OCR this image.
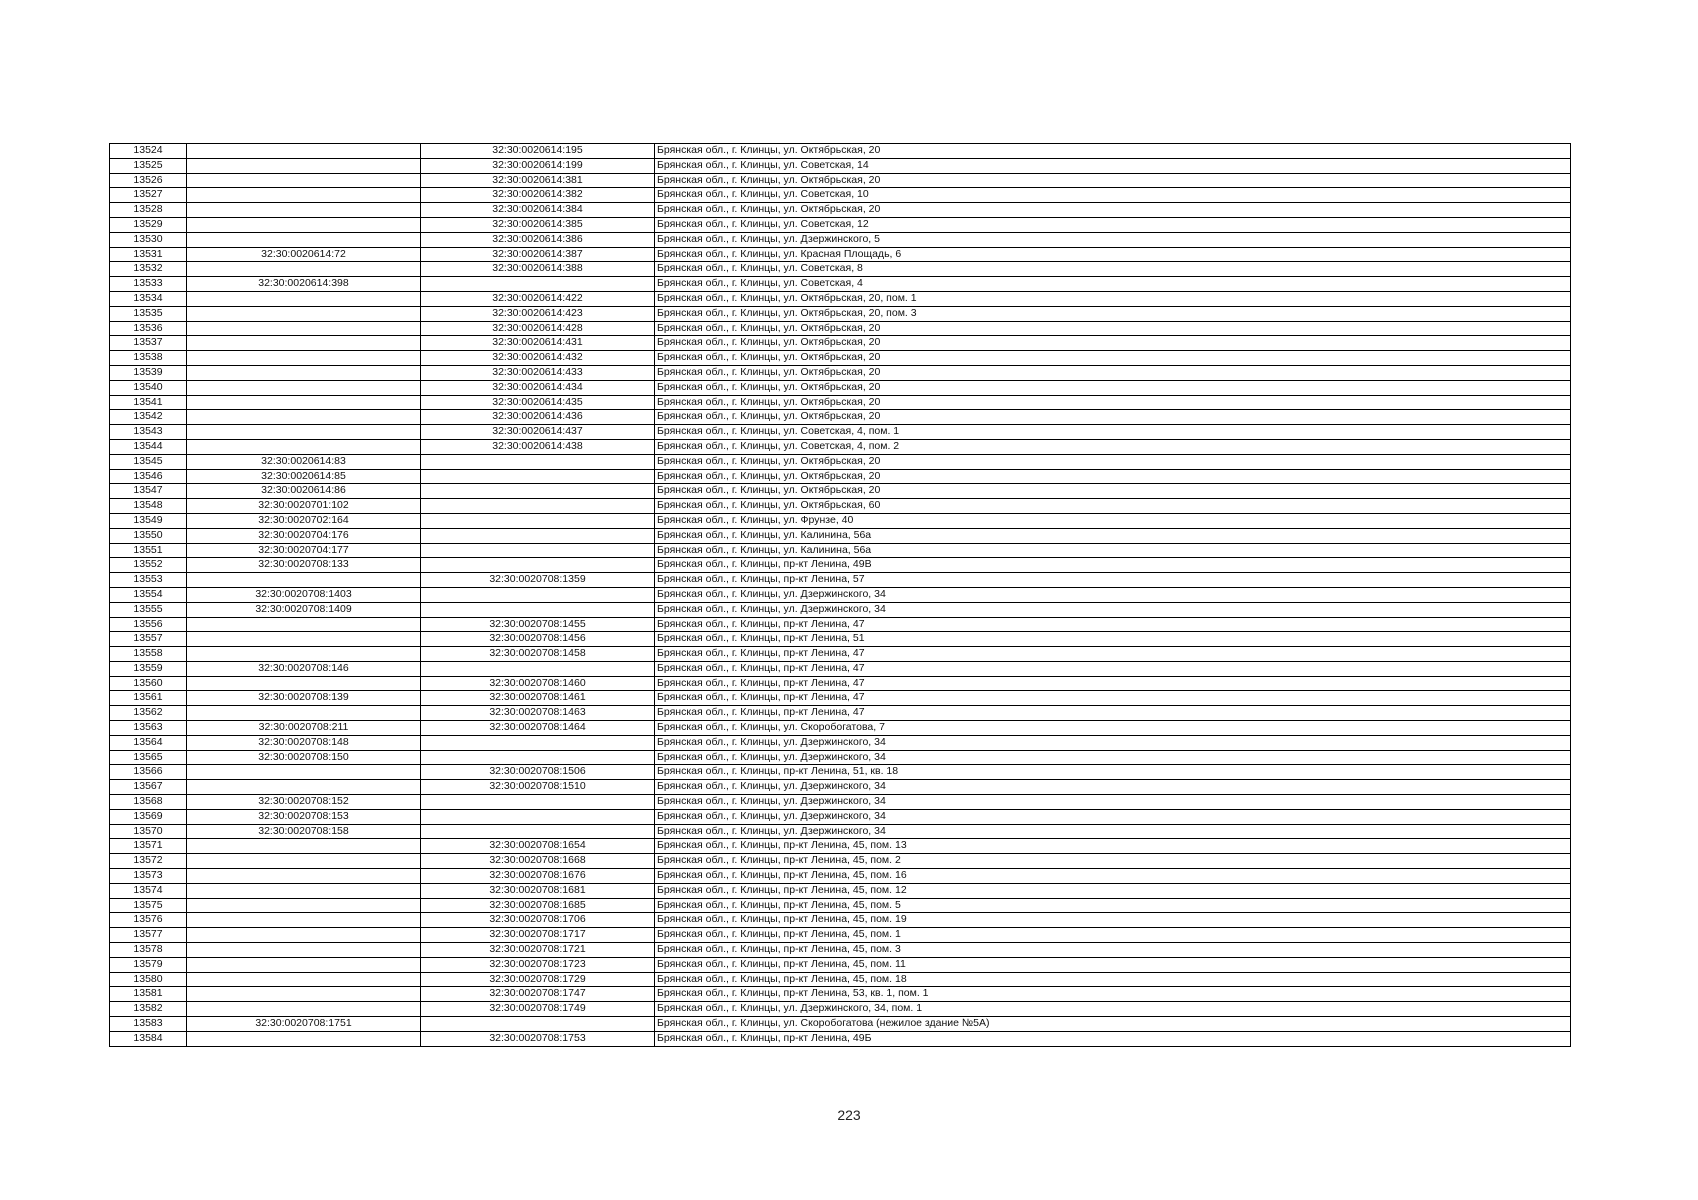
13524		32:30:0020614:195	Брянская обл., г. Клинцы, ул. Октябрьская, 20
13525		32:30:0020614:199	Брянская обл., г. Клинцы, ул. Советская, 14
13526		32:30:0020614:381	Брянская обл., г. Клинцы, ул. Октябрьская, 20
13527		32:30:0020614:382	Брянская обл., г. Клинцы, ул. Советская, 10
13528		32:30:0020614:384	Брянская обл., г. Клинцы, ул. Октябрьская, 20
13529		32:30:0020614:385	Брянская обл., г. Клинцы, ул. Советская, 12
13530		32:30:0020614:386	Брянская обл., г. Клинцы, ул. Дзержинского, 5
13531	32:30:0020614:72	32:30:0020614:387	Брянская обл., г. Клинцы, ул. Красная Площадь, 6
13532		32:30:0020614:388	Брянская обл., г. Клинцы, ул. Советская, 8
13533	32:30:0020614:398		Брянская обл., г. Клинцы, ул. Советская, 4
13534		32:30:0020614:422	Брянская обл., г. Клинцы, ул. Октябрьская, 20, пом. 1
13535		32:30:0020614:423	Брянская обл., г. Клинцы, ул. Октябрьская, 20, пом. 3
13536		32:30:0020614:428	Брянская обл., г. Клинцы, ул. Октябрьская, 20
13537		32:30:0020614:431	Брянская обл., г. Клинцы, ул. Октябрьская, 20
13538		32:30:0020614:432	Брянская обл., г. Клинцы, ул. Октябрьская, 20
13539		32:30:0020614:433	Брянская обл., г. Клинцы, ул. Октябрьская, 20
13540		32:30:0020614:434	Брянская обл., г. Клинцы, ул. Октябрьская, 20
13541		32:30:0020614:435	Брянская обл., г. Клинцы, ул. Октябрьская, 20
13542		32:30:0020614:436	Брянская обл., г. Клинцы, ул. Октябрьская, 20
13543		32:30:0020614:437	Брянская обл., г. Клинцы, ул. Советская, 4, пом. 1
13544		32:30:0020614:438	Брянская обл., г. Клинцы, ул. Советская, 4, пом. 2
13545	32:30:0020614:83		Брянская обл., г. Клинцы, ул. Октябрьская, 20
13546	32:30:0020614:85		Брянская обл., г. Клинцы, ул. Октябрьская, 20
13547	32:30:0020614:86		Брянская обл., г. Клинцы, ул. Октябрьская, 20
13548	32:30:0020701:102		Брянская обл., г. Клинцы, ул. Октябрьская, 60
13549	32:30:0020702:164		Брянская обл., г. Клинцы, ул. Фрунзе, 40
13550	32:30:0020704:176		Брянская обл., г. Клинцы, ул. Калинина, 56а
13551	32:30:0020704:177		Брянская обл., г. Клинцы, ул. Калинина, 56а
13552	32:30:0020708:133		Брянская обл., г. Клинцы, пр-кт Ленина, 49В
13553		32:30:0020708:1359	Брянская обл., г. Клинцы, пр-кт Ленина, 57
13554	32:30:0020708:1403		Брянская обл., г. Клинцы, ул. Дзержинского, 34
13555	32:30:0020708:1409		Брянская обл., г. Клинцы, ул. Дзержинского, 34
13556		32:30:0020708:1455	Брянская обл., г. Клинцы, пр-кт Ленина, 47
13557		32:30:0020708:1456	Брянская обл., г. Клинцы, пр-кт Ленина, 51
13558		32:30:0020708:1458	Брянская обл., г. Клинцы, пр-кт Ленина, 47
13559	32:30:0020708:146		Брянская обл., г. Клинцы, пр-кт Ленина, 47
13560		32:30:0020708:1460	Брянская обл., г. Клинцы, пр-кт Ленина, 47
13561	32:30:0020708:139	32:30:0020708:1461	Брянская обл., г. Клинцы, пр-кт Ленина, 47
13562		32:30:0020708:1463	Брянская обл., г. Клинцы, пр-кт Ленина, 47
13563	32:30:0020708:211	32:30:0020708:1464	Брянская обл., г. Клинцы, ул. Скоробогатова, 7
13564	32:30:0020708:148		Брянская обл., г. Клинцы, ул. Дзержинского, 34
13565	32:30:0020708:150		Брянская обл., г. Клинцы, ул. Дзержинского, 34
13566		32:30:0020708:1506	Брянская обл., г. Клинцы, пр-кт Ленина, 51, кв. 18
13567		32:30:0020708:1510	Брянская обл., г. Клинцы, ул. Дзержинского, 34
13568	32:30:0020708:152		Брянская обл., г. Клинцы, ул. Дзержинского, 34
13569	32:30:0020708:153		Брянская обл., г. Клинцы, ул. Дзержинского, 34
13570	32:30:0020708:158		Брянская обл., г. Клинцы, ул. Дзержинского, 34
13571		32:30:0020708:1654	Брянская обл., г. Клинцы, пр-кт Ленина, 45, пом. 13
13572		32:30:0020708:1668	Брянская обл., г. Клинцы, пр-кт Ленина, 45, пом. 2
13573		32:30:0020708:1676	Брянская обл., г. Клинцы, пр-кт Ленина, 45, пом. 16
13574		32:30:0020708:1681	Брянская обл., г. Клинцы, пр-кт Ленина, 45, пом. 12
13575		32:30:0020708:1685	Брянская обл., г. Клинцы, пр-кт Ленина, 45, пом. 5
13576		32:30:0020708:1706	Брянская обл., г. Клинцы, пр-кт Ленина, 45, пом. 19
13577		32:30:0020708:1717	Брянская обл., г. Клинцы, пр-кт Ленина, 45, пом. 1
13578		32:30:0020708:1721	Брянская обл., г. Клинцы, пр-кт Ленина, 45, пом. 3
13579		32:30:0020708:1723	Брянская обл., г. Клинцы, пр-кт Ленина, 45, пом. 11
13580		32:30:0020708:1729	Брянская обл., г. Клинцы, пр-кт Ленина, 45, пом. 18
13581		32:30:0020708:1747	Брянская обл., г. Клинцы, пр-кт Ленина, 53, кв. 1, пом. 1
13582		32:30:0020708:1749	Брянская обл., г. Клинцы, ул. Дзержинского, 34, пом. 1
13583	32:30:0020708:1751		Брянская обл., г. Клинцы, ул. Скоробогатова (нежилое здание №5А)
13584		32:30:0020708:1753	Брянская обл., г. Клинцы, пр-кт Ленина, 49Б
223
